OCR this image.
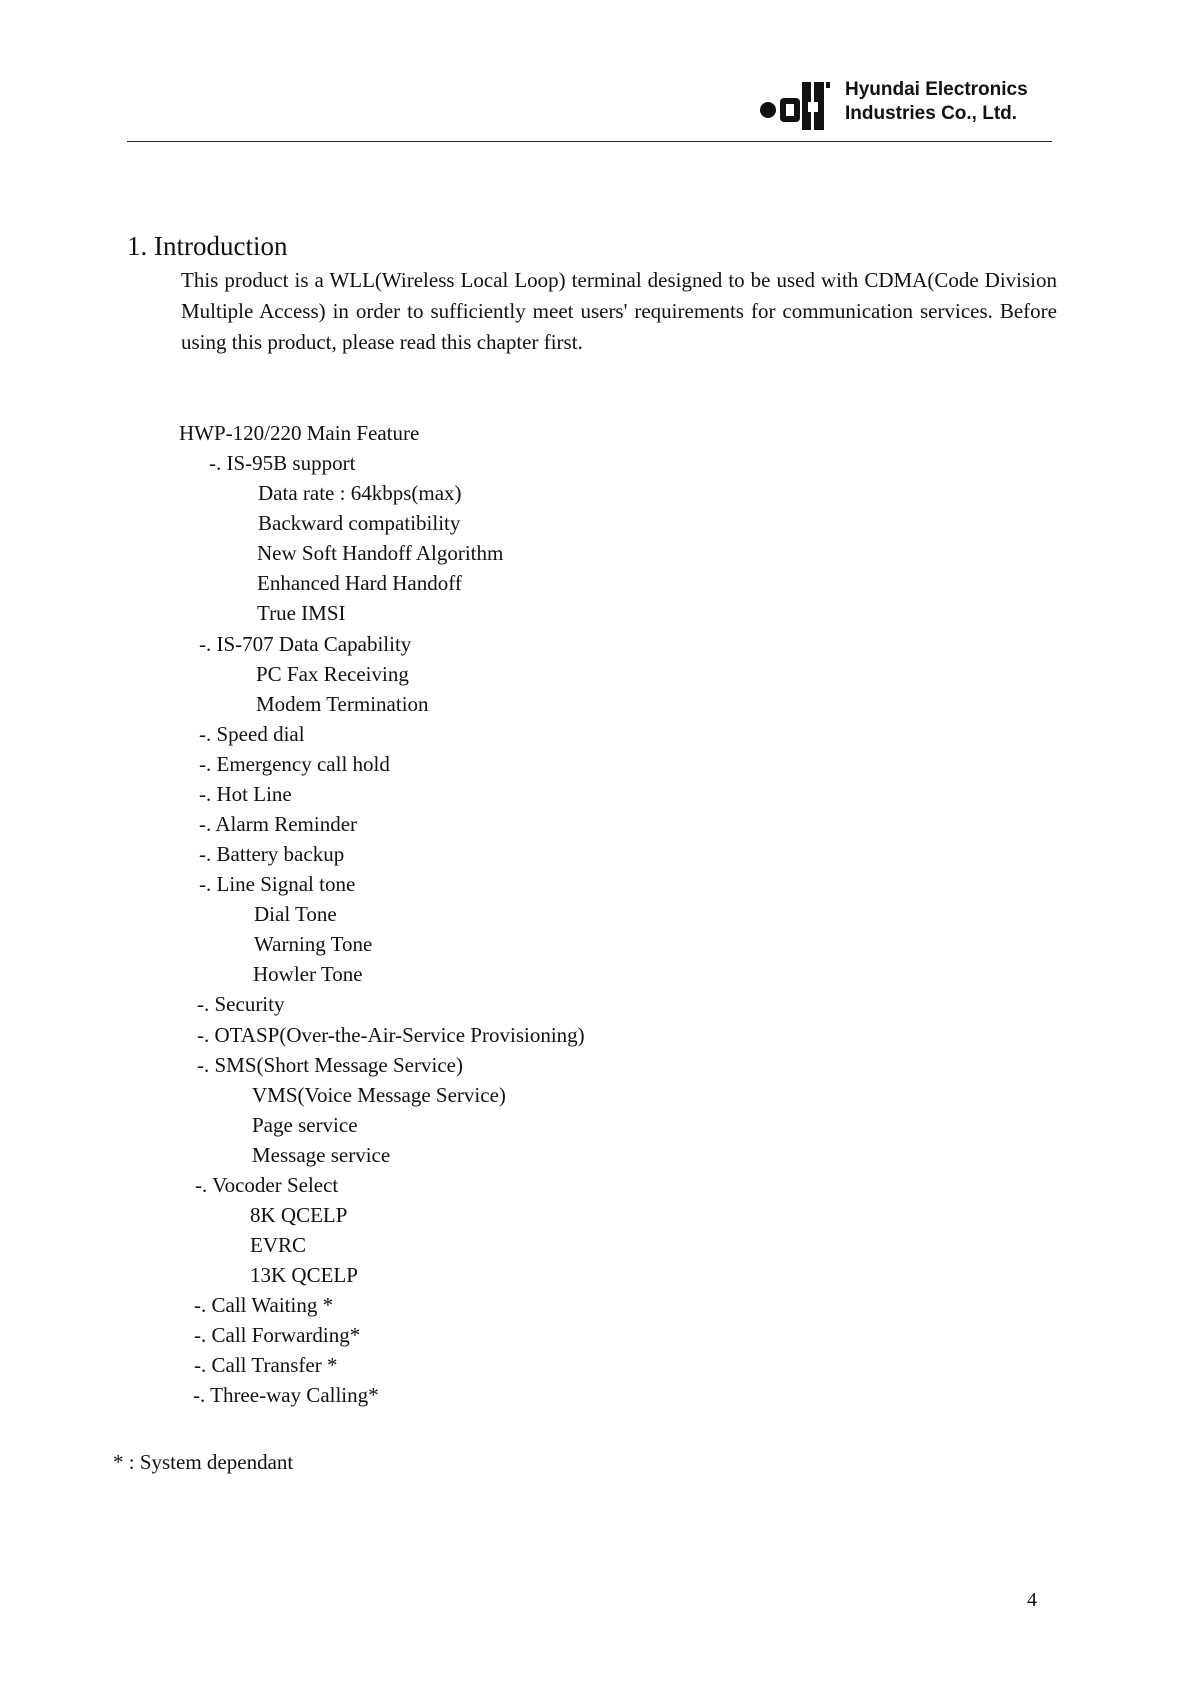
Hyundai Electronics
Industries Co., Ltd.
1. Introduction

This product is a WLL(Wireless Local Loop) terminal designed to be used with CDMA(Code Division Multiple Access) in order to sufficiently meet users' requirements for communication services. Before using this product, please read this chapter first.

HWP-120/220 Main Feature
-. IS-95B support
Data rate : 64kbps(max)
Backward compatibility
New Soft Handoff Algorithm
Enhanced Hard Handoff
True IMSI
-. IS-707 Data Capability
PC Fax Receiving
Modem Termination
-. Speed dial
-. Emergency call hold
-. Hot Line
-. Alarm Reminder
-. Battery backup
-. Line Signal tone
Dial Tone
Warning Tone
Howler Tone
-. Security
-. OTASP(Over-the-Air-Service Provisioning)
-. SMS(Short Message Service)
VMS(Voice Message Service)
Page service
Message service
-. Vocoder Select
8K QCELP
EVRC
13K QCELP
-. Call Waiting *
-. Call Forwarding*
-. Call Transfer *
-. Three-way Calling*
* : System dependant
4
